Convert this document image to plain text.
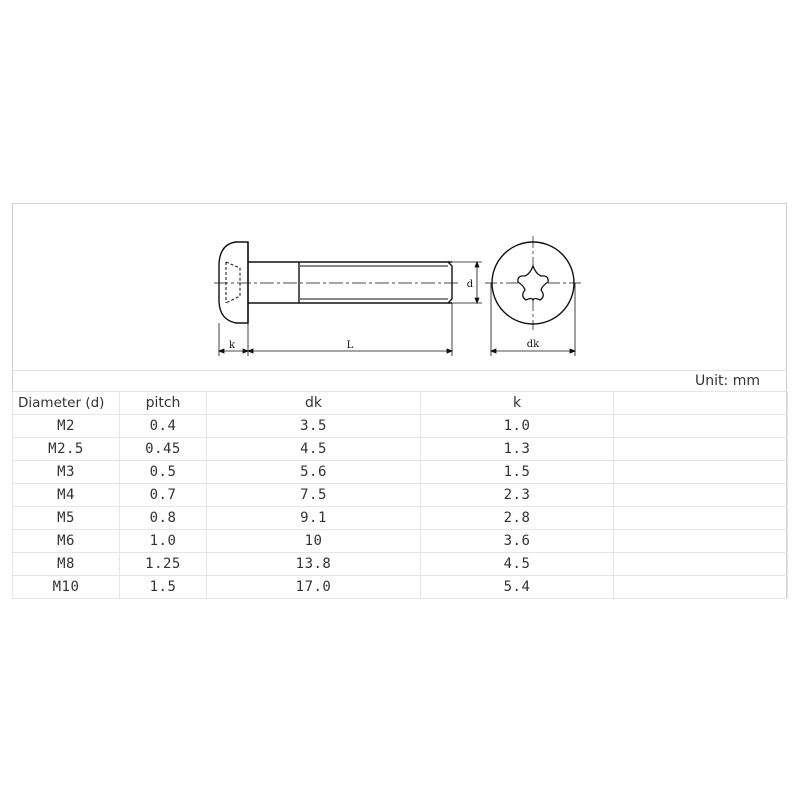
k	L
d
dk
Unit: mm
Diameter (d)	pitch	dk	k	
M2	0.4	3.5	1.0	
M2.5	0.45	4.5	1.3	
M3	0.5	5.6	1.5	
M4	0.7	7.5	2.3	
M5	0.8	9.1	2.8	
M6	1.0	10	3.6	
M8	1.25	13.8	4.5	
M10	1.5	17.0	5.4	
